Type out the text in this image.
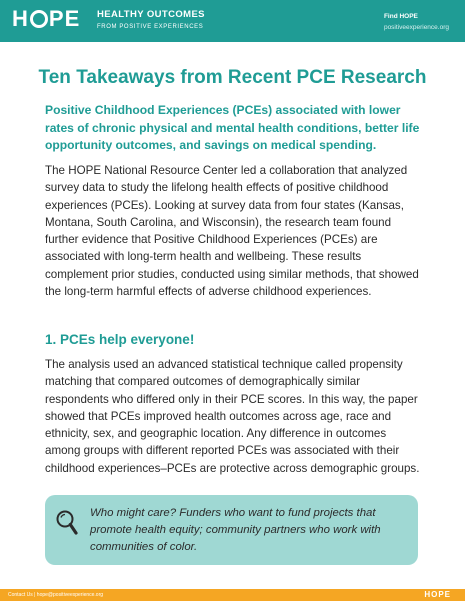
H PE HEALTHY OUTCOMES
FROM POSITIVE EXPERIENCES
Find HOPE
positiveexperience.org
Ten Takeaways from Recent PCE Research

Positive Childhood Experiences (PCEs) associated with lower rates of chronic physical and mental health conditions, better life opportunity outcomes, and savings on medical spending.

The HOPE National Resource Center led a collaboration that analyzed survey data to study the lifelong health effects of positive childhood experiences (PCEs). Looking at survey data from four states (Kansas, Montana, South Carolina, and Wisconsin), the research team found further evidence that Positive Childhood Experiences (PCEs) are associated with long-term health and wellbeing. These results complement prior studies, conducted using similar methods, that showed the long-term harmful effects of adverse childhood experiences.

1. PCEs help everyone!

The analysis used an advanced statistical technique called propensity matching that compared outcomes of demographically similar respondents who differed only in their PCE scores. In this way, the paper showed that PCEs improved health outcomes across age, race and ethnicity, sex, and geographic location. Any difference in outcomes among groups with different reported PCEs was associated with their childhood experiences–PCEs are protective across demographic groups.

Who might care? Funders who want to fund projects that promote health equity; community partners who work with communities of color.

Contact Us | hope@positiveexperience.org	HOPE
